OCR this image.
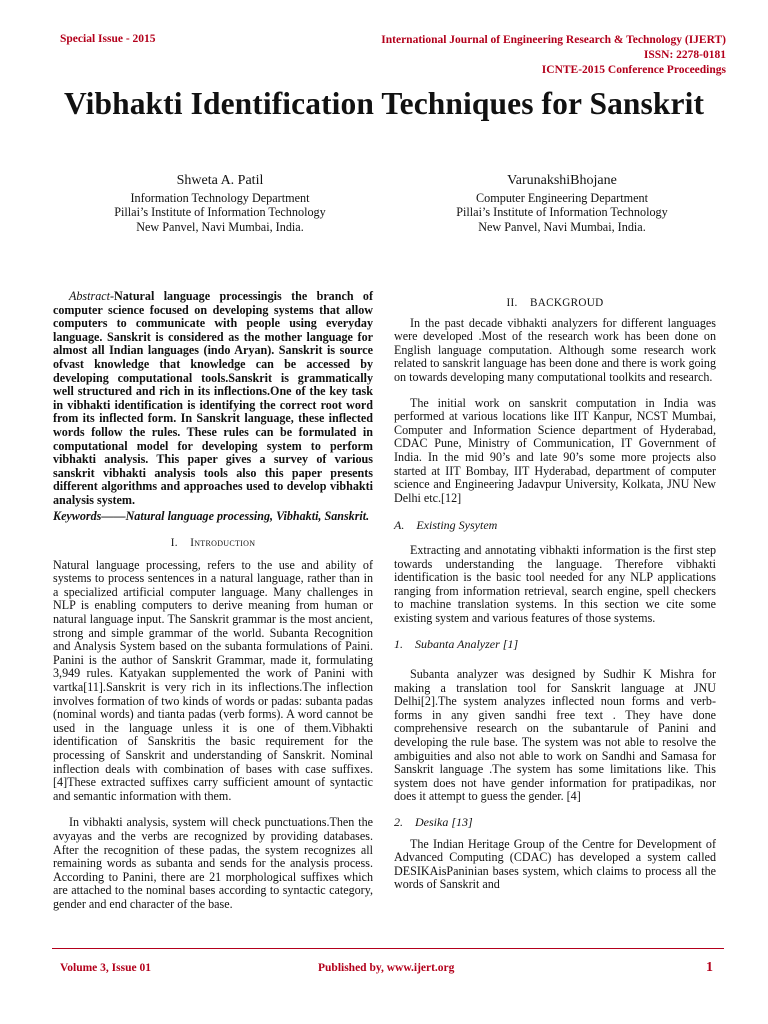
Special Issue - 2015	International Journal of Engineering Research & Technology (IJERT)
ISSN: 2278-0181
ICNTE-2015 Conference Proceedings
Vibhakti Identification Techniques for Sanskrit
Shweta A. Patil
Information Technology Department
Pillai’s Institute of Information Technology
New Panvel, Navi Mumbai, India.
VarunakshiBhojane
Computer Engineering Department
Pillai’s Institute of Information Technology
New Panvel, Navi Mumbai, India.

Abstract-Natural language processingis the branch of computer science focused on developing systems that allow computers to communicate with people using everyday language. Sanskrit is considered as the mother language for almost all Indian languages (indo Aryan). Sanskrit is source ofvast knowledge that knowledge can be accessed by developing computational tools.Sanskrit is grammatically well structured and rich in its inflections.One of the key task in vibhakti identification is identifying the correct root word from its inflected form. In Sanskrit language, these inflected words follow the rules. These rules can be formulated in computational model for developing system to perform vibhakti analysis. This paper gives a survey of various sanskrit vibhakti analysis tools also this paper presents different algorithms and approaches used to develop vibhakti analysis system.

Keywords——Natural language processing, Vibhakti, Sanskrit.

I. Introduction

Natural language processing, refers to the use and ability of systems to process sentences in a natural language, rather than in a specialized artificial computer language. Many challenges in NLP is enabling computers to derive meaning from human or natural language input. The Sanskrit grammar is the most ancient, strong and simple grammar of the world. Subanta Recognition and Analysis System based on the subanta formulations of Paini. Panini is the author of Sanskrit Grammar, made it, formulating 3,949 rules. Katyakan supplemented the work of Panini with vartka[11].Sanskrit is very rich in its inflections.The inflection involves formation of two kinds of words or padas: subanta padas (nominal words) and tianta padas (verb forms). A word cannot be used in the language unless it is one of them.Vibhakti identification of Sanskritis the basic requirement for the processing of Sanskrit and understanding of Sanskrit. Nominal inflection deals with combination of bases with case suffixes.[4]These extracted suffixes carry sufficient amount of syntactic and semantic information with them.

In vibhakti analysis, system will check punctuations.Then the avyayas and the verbs are recognized by providing databases. After the recognition of these padas, the system recognizes all remaining words as subanta and sends for the analysis process. According to Panini, there are 21 morphological suffixes which are attached to the nominal bases according to syntactic category, gender and end character of the base.

II. BACKGROUD

In the past decade vibhakti analyzers for different languages were developed .Most of the research work has been done on English language computation. Although some research work related to sanskrit language has been done and there is work going on towards developing many computational toolkits and research.

The initial work on sanskrit computation in India was performed at various locations like IIT Kanpur, NCST Mumbai, Computer and Information Science department of Hyderabad, CDAC Pune, Ministry of Communication, IT Government of India. In the mid 90’s and late 90’s some more projects also started at IIT Bombay, IIT Hyderabad, department of computer science and Engineering Jadavpur University, Kolkata, JNU New Delhi etc.[12]

A. Existing Sysytem

Extracting and annotating vibhakti information is the first step towards understanding the language. Therefore vibhakti identification is the basic tool needed for any NLP applications ranging from information retrieval, search engine, spell checkers to machine translation systems. In this section we cite some existing system and various features of those systems.

1. Subanta Analyzer [1]

Subanta analyzer was designed by Sudhir K Mishra for making a translation tool for Sanskrit language at JNU Delhi[2].The system analyzes inflected noun forms and verb-forms in any given sandhi free text . They have done comprehensive research on the subantarule of Panini and developing the rule base. The system was not able to resolve the ambiguities and also not able to work on Sandhi and Samasa for Sanskrit language .The system has some limitations like. This system does not have gender information for pratipadikas, nor does it attempt to guess the gender. [4]

2. Desika [13]

The Indian Heritage Group of the Centre for Development of Advanced Computing (CDAC) has developed a system called DESIKAisPaninian bases system, which claims to process all the words of Sanskrit and

Volume 3, Issue 01	Published by, www.ijert.org	1
